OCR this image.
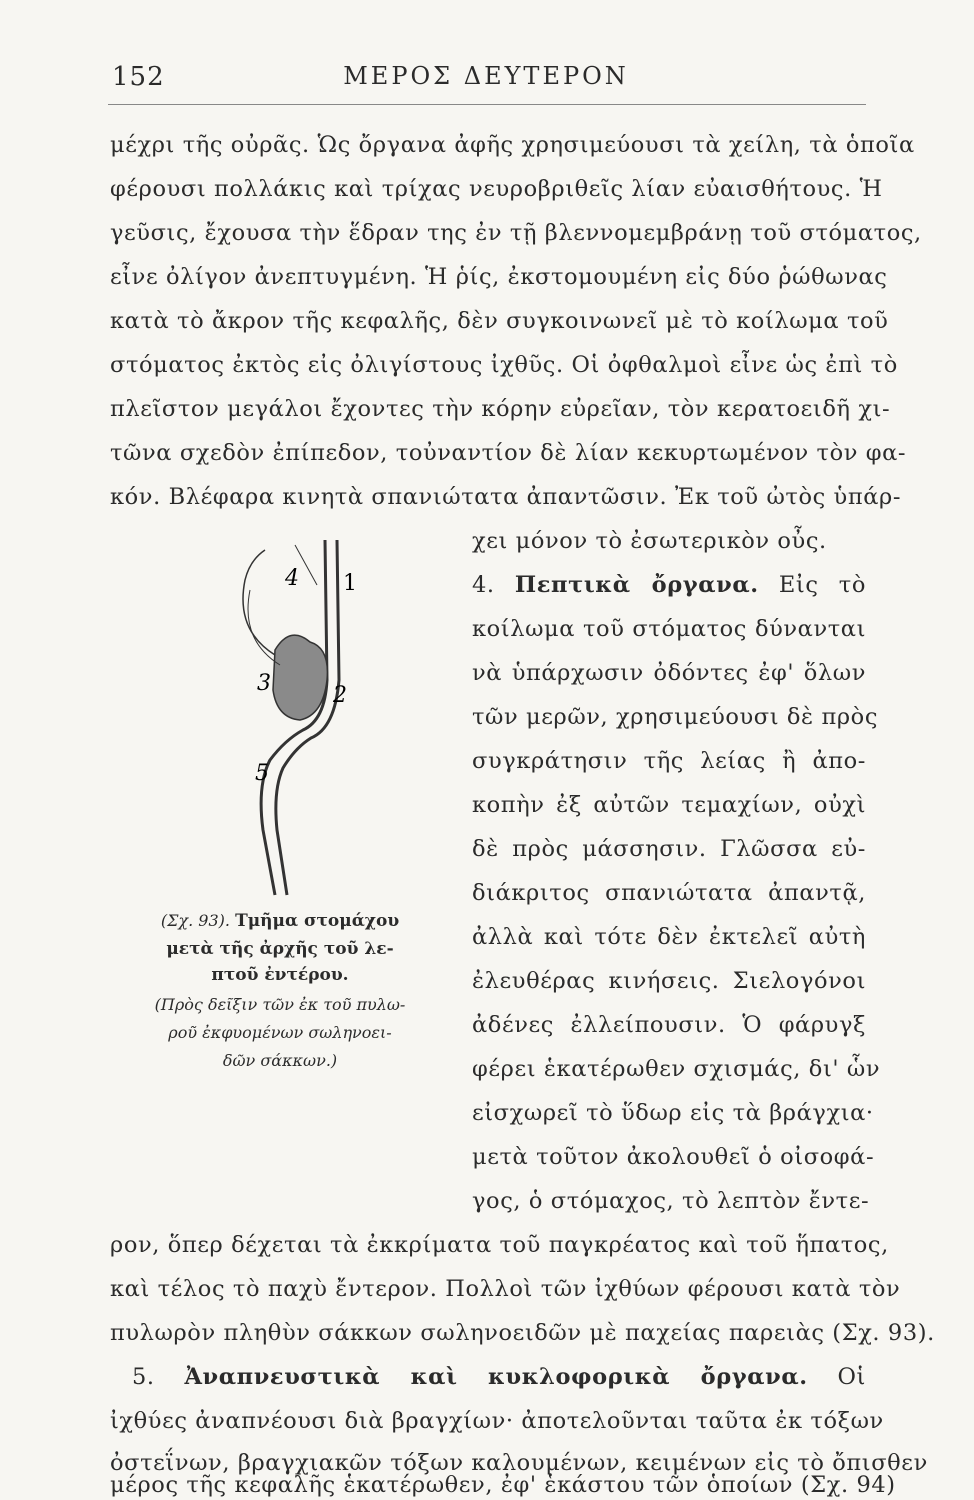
152	ΜΕΡΟΣ ΔΕΥΤΕΡΟΝ
μέχρι τῆς οὐρᾶς. Ὡς ὄργανα ἀφῆς χρησιμεύουσι τὰ χείλη, τὰ ὁποῖα
φέρουσι πολλάκις καὶ τρίχας νευροβριθεῖς λίαν εὐαισθήτους. Ἡ
γεῦσις, ἔχουσα τὴν ἕδραν της ἐν τῇ βλεννομεμβράνῃ τοῦ στόματος,
εἶνε ὀλίγον ἀνεπτυγμένη. Ἡ ῥίς, ἐκστομουμένη εἰς δύο ῥώθωνας
κατὰ τὸ ἄκρον τῆς κεφαλῆς, δὲν συγκοινωνεῖ μὲ τὸ κοίλωμα τοῦ
στόματος ἐκτὸς εἰς ὀλιγίστους ἰχθῦς. Οἱ ὀφθαλμοὶ εἶνε ὡς ἐπὶ τὸ
πλεῖστον μεγάλοι ἔχοντες τὴν κόρην εὐρεῖαν, τὸν κερατοειδῆ χι-
τῶνα σχεδὸν ἐπίπεδον, τοὐναντίον δὲ λίαν κεκυρτωμένον τὸν φα-
κόν. Βλέφαρα κινητὰ σπανιώτατα ἀπαντῶσιν. Ἐκ τοῦ ὠτὸς ὑπάρ-
χει μόνον τὸ ἐσωτερικὸν οὖς.
4. Πεπτικὰ ὄργανα. Εἰς τὸ
κοίλωμα τοῦ στόματος δύνανται
νὰ ὑπάρχωσιν ὀδόντες ἐφ' ὅλων
τῶν μερῶν, χρησιμεύουσι δὲ πρὸς
συγκράτησιν τῆς λείας ἢ ἀπο-
κοπὴν ἐξ αὐτῶν τεμαχίων, οὐχὶ
δὲ πρὸς μάσσησιν. Γλῶσσα εὐ-
διάκριτος σπανιώτατα ἀπαντᾷ,
ἀλλὰ καὶ τότε δὲν ἐκτελεῖ αὐτὴ
ἐλευθέρας κινήσεις. Σιελογόνοι
ἀδένες ἐλλείπουσιν. Ὁ φάρυγξ
φέρει ἑκατέρωθεν σχισμάς, δι' ὧν
εἰσχωρεῖ τὸ ὕδωρ εἰς τὰ βράγχια·
μετὰ τοῦτον ἀκολουθεῖ ὁ οἰσοφά-
γος, ὁ στόμαχος, τὸ λεπτὸν ἔντε-
4 1
3	2
5
(Σχ. 93). Τμῆμα στομάχου
μετὰ τῆς ἀρχῆς τοῦ λε-
πτοῦ ἐντέρου.
(Πρὸς δεῖξιν τῶν ἐκ τοῦ πυλω-
ροῦ ἐκφυομένων σωληνοει-
δῶν σάκκων.)
ρον, ὅπερ δέχεται τὰ ἐκκρίματα τοῦ παγκρέατος καὶ τοῦ ἥπατος,
καὶ τέλος τὸ παχὺ ἔντερον. Πολλοὶ τῶν ἰχθύων φέρουσι κατὰ τὸν
πυλωρὸν πληθὺν σάκκων σωληνοειδῶν μὲ παχείας παρειὰς (Σχ. 93).
5. Ἀναπνευστικὰ καὶ κυκλοφορικὰ ὄργανα. Οἱ
ἰχθύες ἀναπνέουσι διὰ βραγχίων· ἀποτελοῦνται ταῦτα ἐκ τόξων
ὀστεΐνων, βραγχιακῶν τόξων καλουμένων, κειμένων εἰς τὸ ὄπισθεν
μέρος τῆς κεφαλῆς ἑκατέρωθεν, ἐφ' ἑκάστου τῶν ὁποίων (Σχ. 94)
